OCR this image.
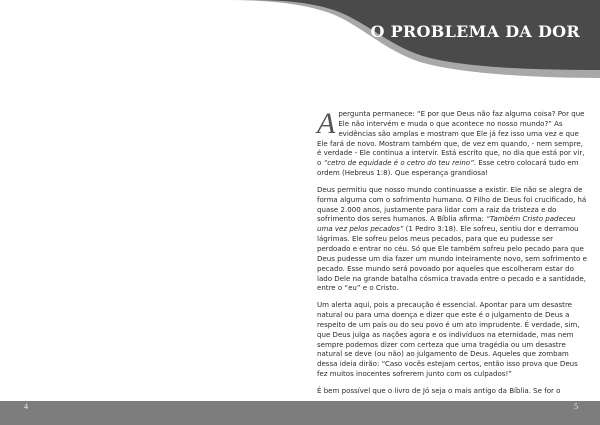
O PROBLEMA DA DOR

Apergunta permanece: “E por que Deus não faz alguma coisa? Por que Ele não intervém e muda o que acontece no nosso mundo?” As evidências são amplas e mostram que Ele já fez isso uma vez e que Ele fará de novo. Mostram também que, de vez em quando, - nem sempre, é verdade - Ele continua a intervir. Está escrito que, no dia que está por vir, o “cetro de equidade é o cetro do teu reino”. Esse cetro colocará tudo em ordem (Hebreus 1:8). Que esperança grandiosa!

Deus permitiu que nosso mundo continuasse a existir. Ele não se alegra de forma alguma com o sofrimento humano. O Filho de Deus foi crucificado, há quase 2.000 anos, justamente para lidar com a raiz da tristeza e do sofrimento dos seres humanos. A Bíblia afirma: “Também Cristo padeceu uma vez pelos pecados” (1 Pedro 3:18). Ele sofreu, sentiu dor e derramou lágrimas. Ele sofreu pelos meus pecados, para que eu pudesse ser perdoado e entrar no céu. Só que Ele também sofreu pelo pecado para que Deus pudesse um dia fazer um mundo inteiramente novo, sem sofrimento e pecado. Esse mundo será povoado por aqueles que escolheram estar do lado Dele na grande batalha cósmica travada entre o pecado e a santidade, entre o “eu” e o Cristo.

Um alerta aqui, pois a precaução é essencial. Apontar para um desastre natural ou para uma doença e dizer que este é o julgamento de Deus a respeito de um país ou do seu povo é um ato imprudente. É verdade, sim, que Deus julga as nações agora e os indivíduos na eternidade, mas nem sempre podemos dizer com certeza que uma tragédia ou um desastre natural se deve (ou não) ao julgamento de Deus. Aqueles que zombam dessa ideia dirão: “Caso vocês estejam certos, então isso prova que Deus fez muitos inocentes sofrerem junto com os culpados!”

É bem possível que o livro de Jó seja o mais antigo da Bíblia. Se for o

4	5
